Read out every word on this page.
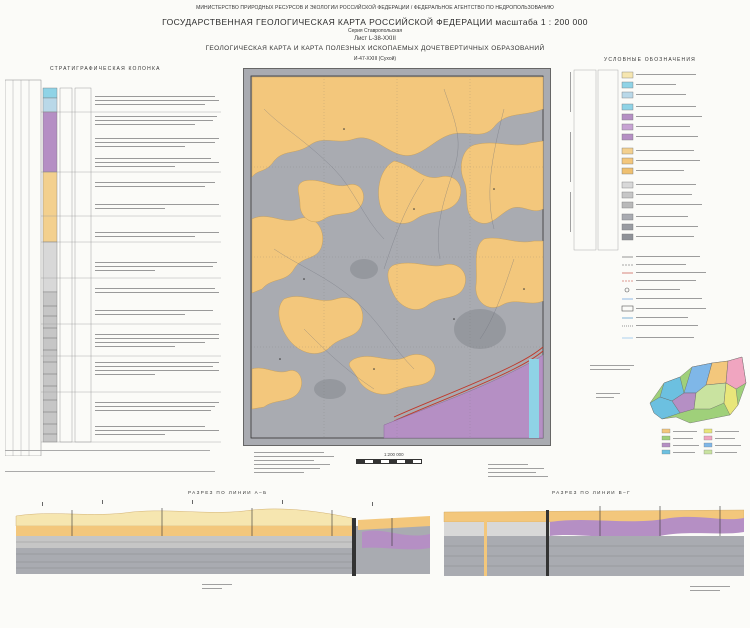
МИНИСТЕРСТВО ПРИРОДНЫХ РЕСУРСОВ И ЭКОЛОГИИ РОССИЙСКОЙ ФЕДЕРАЦИИ / ФЕДЕРАЛЬНОЕ АГЕНТСТВО ПО НЕДРОПОЛЬЗОВАНИЮ
ГОСУДАРСТВЕННАЯ ГЕОЛОГИЧЕСКАЯ КАРТА РОССИЙСКОЙ ФЕДЕРАЦИИ масштаба 1 : 200 000
Серия Ставропольская
Лист L-38-XXIII
ГЕОЛОГИЧЕСКАЯ КАРТА И КАРТА ПОЛЕЗНЫХ ИСКОПАЕМЫХ ДОЧЕТВЕРТИЧНЫХ ОБРАЗОВАНИЙ
И-47-XXIII (Сухой)
СТРАТИГРАФИЧЕСКАЯ КОЛОНКА
1:200 000
УСЛОВНЫЕ ОБОЗНАЧЕНИЯ
РАЗРЕЗ ПО ЛИНИИ А–Б	РАЗРЕЗ ПО ЛИНИИ В–Г
